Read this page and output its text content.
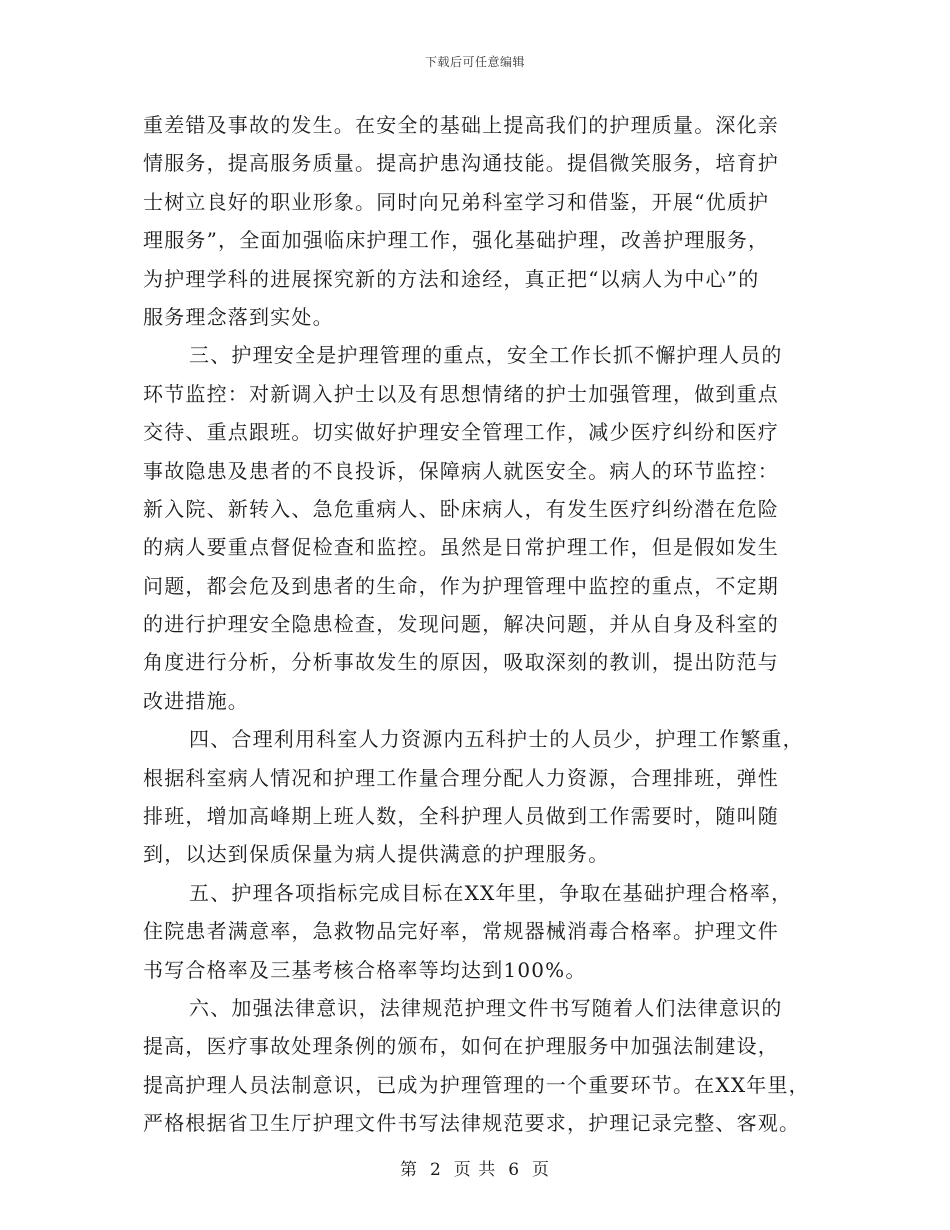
下载后可任意编辑
重差错及事故的发生。在安全的基础上提高我们的护理质量。深化亲
情服务，提高服务质量。提高护患沟通技能。提倡微笑服务，培育护
士树立良好的职业形象。同时向兄弟科室学习和借鉴，开展“优质护
理服务”，全面加强临床护理工作，强化基础护理，改善护理服务，
为护理学科的进展探究新的方法和途经，真正把“以病人为中心”的
服务理念落到实处。
三、护理安全是护理管理的重点，安全工作长抓不懈护理人员的
环节监控：对新调入护士以及有思想情绪的护士加强管理，做到重点
交待、重点跟班。切实做好护理安全管理工作，减少医疗纠纷和医疗
事故隐患及患者的不良投诉，保障病人就医安全。病人的环节监控：
新入院、新转入、急危重病人、卧床病人，有发生医疗纠纷潜在危险
的病人要重点督促检查和监控。虽然是日常护理工作，但是假如发生
问题，都会危及到患者的生命，作为护理管理中监控的重点，不定期
的进行护理安全隐患检查，发现问题，解决问题，并从自身及科室的
角度进行分析，分析事故发生的原因，吸取深刻的教训，提出防范与
改进措施。
四、合理利用科室人力资源内五科护士的人员少，护理工作繁重，
根据科室病人情况和护理工作量合理分配人力资源，合理排班，弹性
排班，增加高峰期上班人数，全科护理人员做到工作需要时，随叫随
到，以达到保质保量为病人提供满意的护理服务。
五、护理各项指标完成目标在XX年里，争取在基础护理合格率，
住院患者满意率，急救物品完好率，常规器械消毒合格率。护理文件
书写合格率及三基考核合格率等均达到100%。
六、加强法律意识，法律规范护理文件书写随着人们法律意识的
提高，医疗事故处理条例的颁布，如何在护理服务中加强法制建设，
提高护理人员法制意识，已成为护理管理的一个重要环节。在XX年里，
严格根据省卫生厅护理文件书写法律规范要求，护理记录完整、客观。
第 2 页 共 6 页
